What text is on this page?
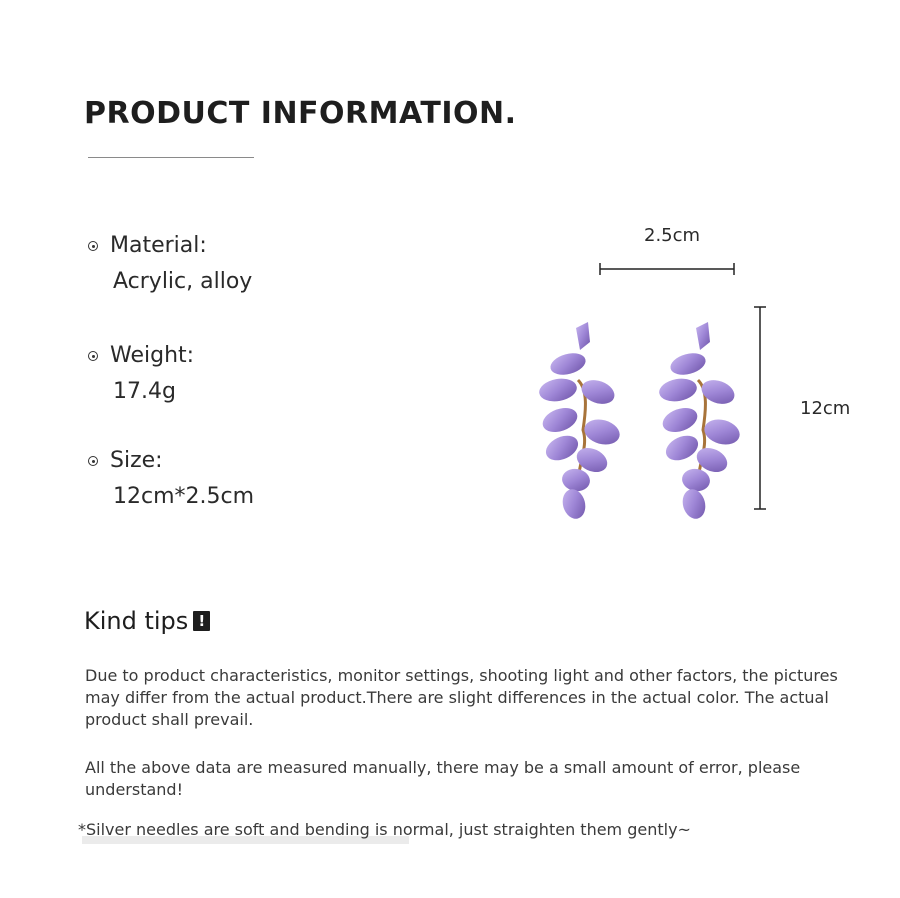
PRODUCT INFORMATION.
Material:
Acrylic, alloy
Weight:
17.4g
Size:
12cm*2.5cm
2.5cm
12cm
Kind tips !
Due to product characteristics, monitor settings, shooting light and other factors, the pictures may differ from the actual product.There are slight differences in the actual color. The actual product shall prevail.
All the above data are measured manually, there may be a small amount of error, please understand!
*Silver needles are soft and bending is normal, just straighten them gently~
